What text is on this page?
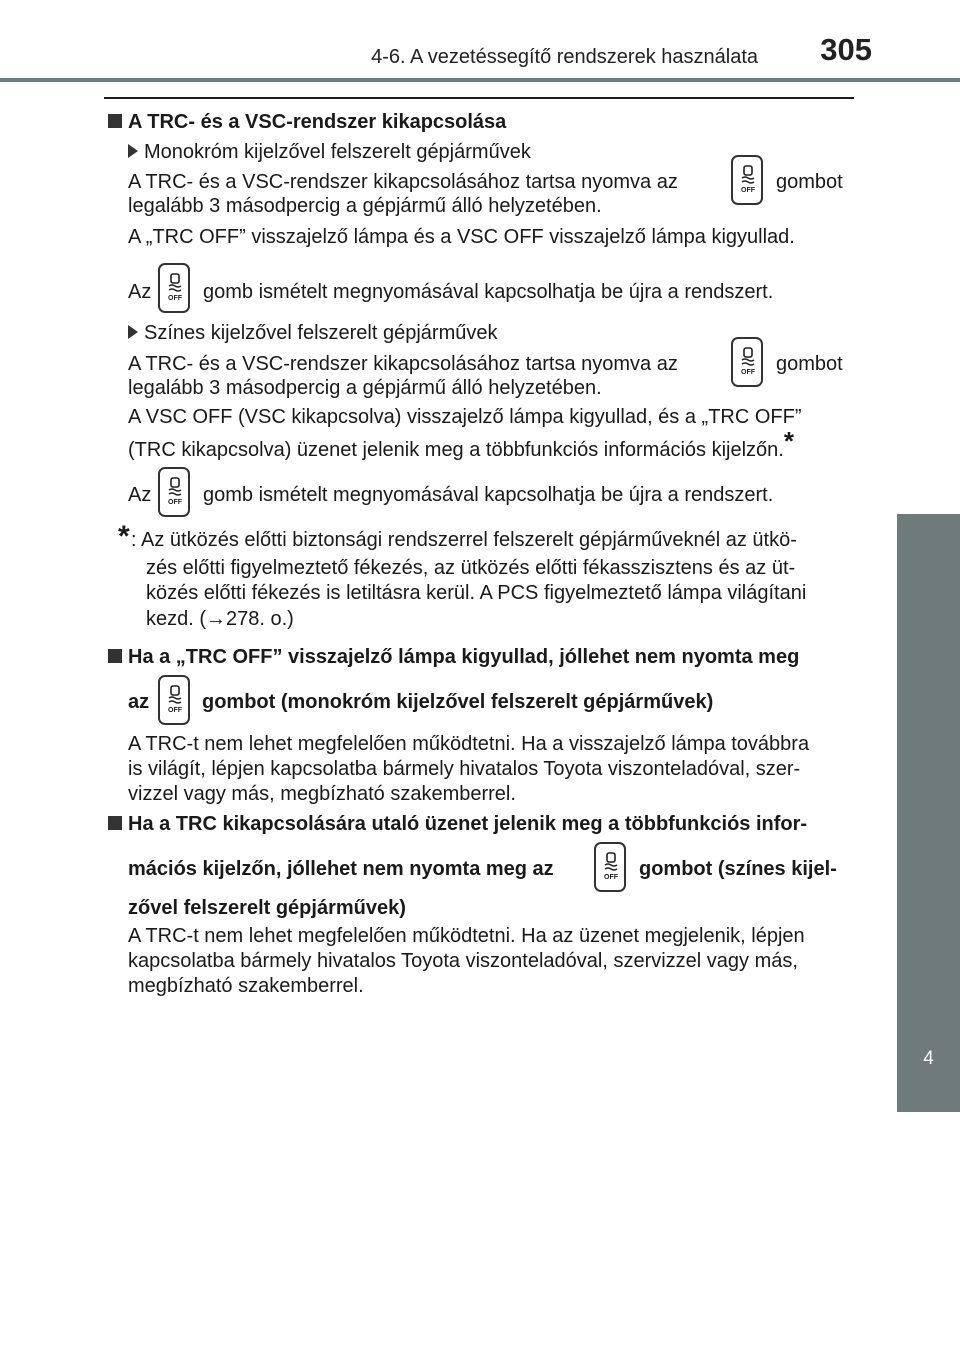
4-6. A vezetéssegítő rendszerek használata 305
4
Vezetés
A TRC- és a VSC-rendszer kikapcsolása
Monokróm kijelzővel felszerelt gépjárművek
A TRC- és a VSC-rendszer kikapcsolásához tartsa nyomva az	OFF gombot
legalább 3 másodpercig a gépjármű álló helyzetében.
A „TRC OFF” visszajelző lámpa és a VSC OFF visszajelző lámpa kigyullad.
Az OFF gomb ismételt megnyomásával kapcsolhatja be újra a rendszert.
Színes kijelzővel felszerelt gépjárművek
A TRC- és a VSC-rendszer kikapcsolásához tartsa nyomva az	OFF gombot
legalább 3 másodpercig a gépjármű álló helyzetében.
A VSC OFF (VSC kikapcsolva) visszajelző lámpa kigyullad, és a „TRC OFF”
(TRC kikapcsolva) üzenet jelenik meg a többfunkciós információs kijelzőn.*
Az OFF gomb ismételt megnyomásával kapcsolhatja be újra a rendszert.
* : Az ütközés előtti biztonsági rendszerrel felszerelt gépjárműveknél az ütkö-
zés előtti figyelmeztető fékezés, az ütközés előtti fékasszisztens és az üt-
közés előtti fékezés is letiltásra kerül. A PCS figyelmeztető lámpa világítani
kezd. (→278. o.)
Ha a „TRC OFF” visszajelző lámpa kigyullad, jóllehet nem nyomta meg
az	OFF gombot (monokróm kijelzővel felszerelt gépjárművek)
A TRC-t nem lehet megfelelően működtetni. Ha a visszajelző lámpa továbbra
is világít, lépjen kapcsolatba bármely hivatalos Toyota viszonteladóval, szer-
vizzel vagy más, megbízható szakemberrel.
Ha a TRC kikapcsolására utaló üzenet jelenik meg a többfunkciós infor-
mációs kijelzőn, jóllehet nem nyomta meg az	OFF gombot (színes kijel-
zővel felszerelt gépjárművek)
A TRC-t nem lehet megfelelően működtetni. Ha az üzenet megjelenik, lépjen
kapcsolatba bármely hivatalos Toyota viszonteladóval, szervizzel vagy más,
megbízható szakemberrel.
